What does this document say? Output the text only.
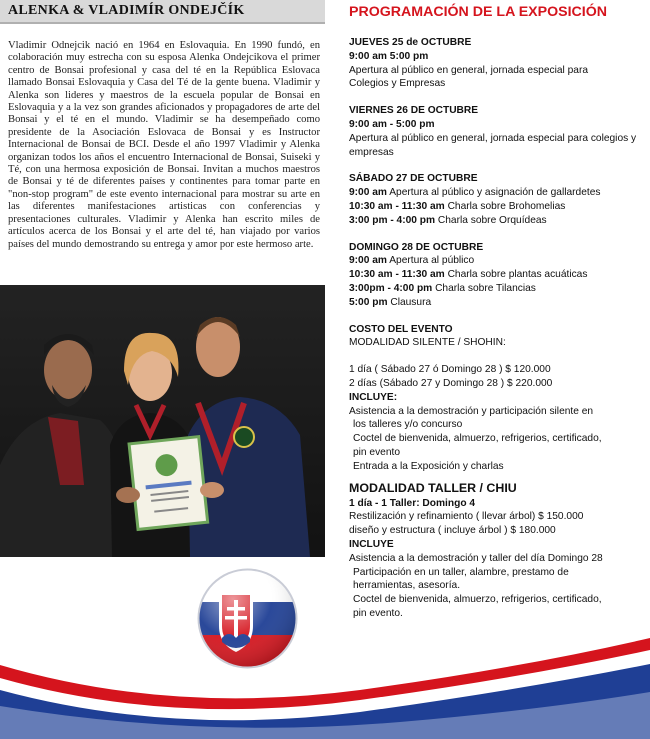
ALENKA & VLADIMÍR ONDEJČÍK

Vladimir Odnejcik nació en 1964 en Eslovaquia. En 1990 fundó, en colaboración muy estrecha con su esposa Alenka Ondejcikova el primer centro de Bonsai profesional y casa del té en la República Eslovaca llamado Bonsai Eslovaquia y Casa del Té de la gente buena. Vladimir y Alenka son lideres y maestros de la escuela popular de Bonsai en Eslovaquia y a la vez son grandes aficionados y propagadores de arte del Bonsai y el té en el mundo. Vladimir se ha desempeñado como presidente de la Asociación Eslovaca de Bonsai y es Instructor Internacional de Bonsai de BCI. Desde el año 1997 Vladimir y Alenka organizan todos los años el encuentro Internacional de Bonsai, Suiseki y Té, con una hermosa exposición de Bonsai. Invitan a muchos maestros de Bonsai y té de diferentes países y continentes para tomar parte en "non-stop program" de este evento internacional para mostrar su arte en las diferentes manifestaciones artisticas con conferencias y presentaciones culturales. Vladimir y Alenka han escrito miles de artículos acerca de los Bonsai y el arte del té, han viajado por varios países del mundo demostrando su entrega y amor por este hermoso arte.

PROGRAMACIÓN DE LA EXPOSICIÓN

JUEVES 25 de OCTUBRE

9:00 am 5:00 pm

Apertura al público en general, jornada especial para

Colegios y Empresas

VIERNES 26 DE OCTUBRE

9:00 am - 5:00 pm

Apertura al público en general, jornada especial para colegios y

empresas

SÁBADO 27 DE OCTUBRE

9:00 am Apertura al público y asignación de gallardetes

10:30 am - 11:30 am Charla sobre Brohomelias

3:00 pm - 4:00 pm Charla sobre Orquídeas

DOMINGO 28 DE OCTUBRE

9:00 am Apertura al público

10:30 am - 11:30 am Charla sobre plantas acuáticas

3:00pm - 4:00 pm Charla sobre Tilancias

5:00 pm Clausura

COSTO DEL EVENTO

MODALIDAD SILENTE / SHOHIN:

1 día ( Sábado 27 ó Domingo 28 ) $ 120.000

2 días (Sábado 27 y Domingo 28 ) $ 220.000

INCLUYE:

Asistencia a la demostración y participación silente en

los talleres y/o concurso

Coctel de bienvenida, almuerzo, refrigerios, certificado,

pin evento

Entrada a la Exposición y charlas

MODALIDAD TALLER / CHIU

1 día - 1 Taller: Domingo 4

Restilización y refinamiento ( llevar árbol) $ 150.000

diseño y estructura ( incluye árbol ) $ 180.000

INCLUYE

Asistencia a la demostración y taller del día Domingo 28

Participación en un taller, alambre, prestamo de

herramientas, asesoría.

Coctel de bienvenida, almuerzo, refrigerios, certificado,

pin evento.
